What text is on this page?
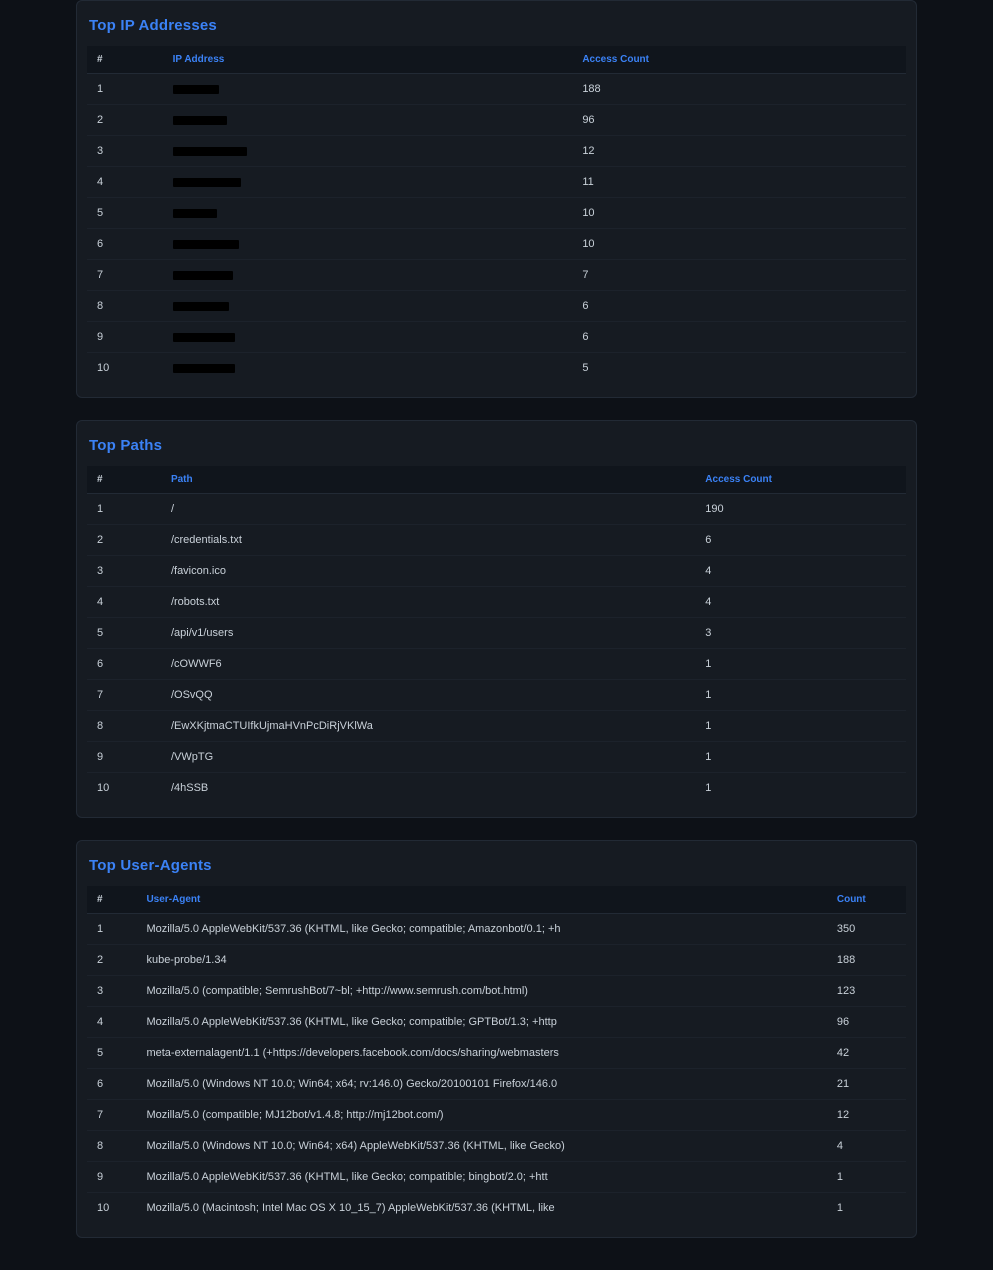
Top IP Addresses
#	IP Address	Access Count
1		188
2		96
3		12
4		11
5		10
6		10
7		7
8		6
9		6
10		5
Top Paths
#	Path	Access Count
1	/	190
2	/credentials.txt	6
3	/favicon.ico	4
4	/robots.txt	4
5	/api/v1/users	3
6	/cOWWF6	1
7	/OSvQQ	1
8	/EwXKjtmaCTUIfkUjmaHVnPcDiRjVKlWa	1
9	/VWpTG	1
10	/4hSSB	1
Top User-Agents
#	User-Agent	Count
1	Mozilla/5.0 AppleWebKit/537.36 (KHTML, like Gecko; compatible; Amazonbot/0.1; +h	350
2	kube-probe/1.34	188
3	Mozilla/5.0 (compatible; SemrushBot/7~bl; +http://www.semrush.com/bot.html)	123
4	Mozilla/5.0 AppleWebKit/537.36 (KHTML, like Gecko; compatible; GPTBot/1.3; +http	96
5	meta-externalagent/1.1 (+https://developers.facebook.com/docs/sharing/webmasters	42
6	Mozilla/5.0 (Windows NT 10.0; Win64; x64; rv:146.0) Gecko/20100101 Firefox/146.0	21
7	Mozilla/5.0 (compatible; MJ12bot/v1.4.8; http://mj12bot.com/)	12
8	Mozilla/5.0 (Windows NT 10.0; Win64; x64) AppleWebKit/537.36 (KHTML, like Gecko)	4
9	Mozilla/5.0 AppleWebKit/537.36 (KHTML, like Gecko; compatible; bingbot/2.0; +htt	1
10	Mozilla/5.0 (Macintosh; Intel Mac OS X 10_15_7) AppleWebKit/537.36 (KHTML, like	1
